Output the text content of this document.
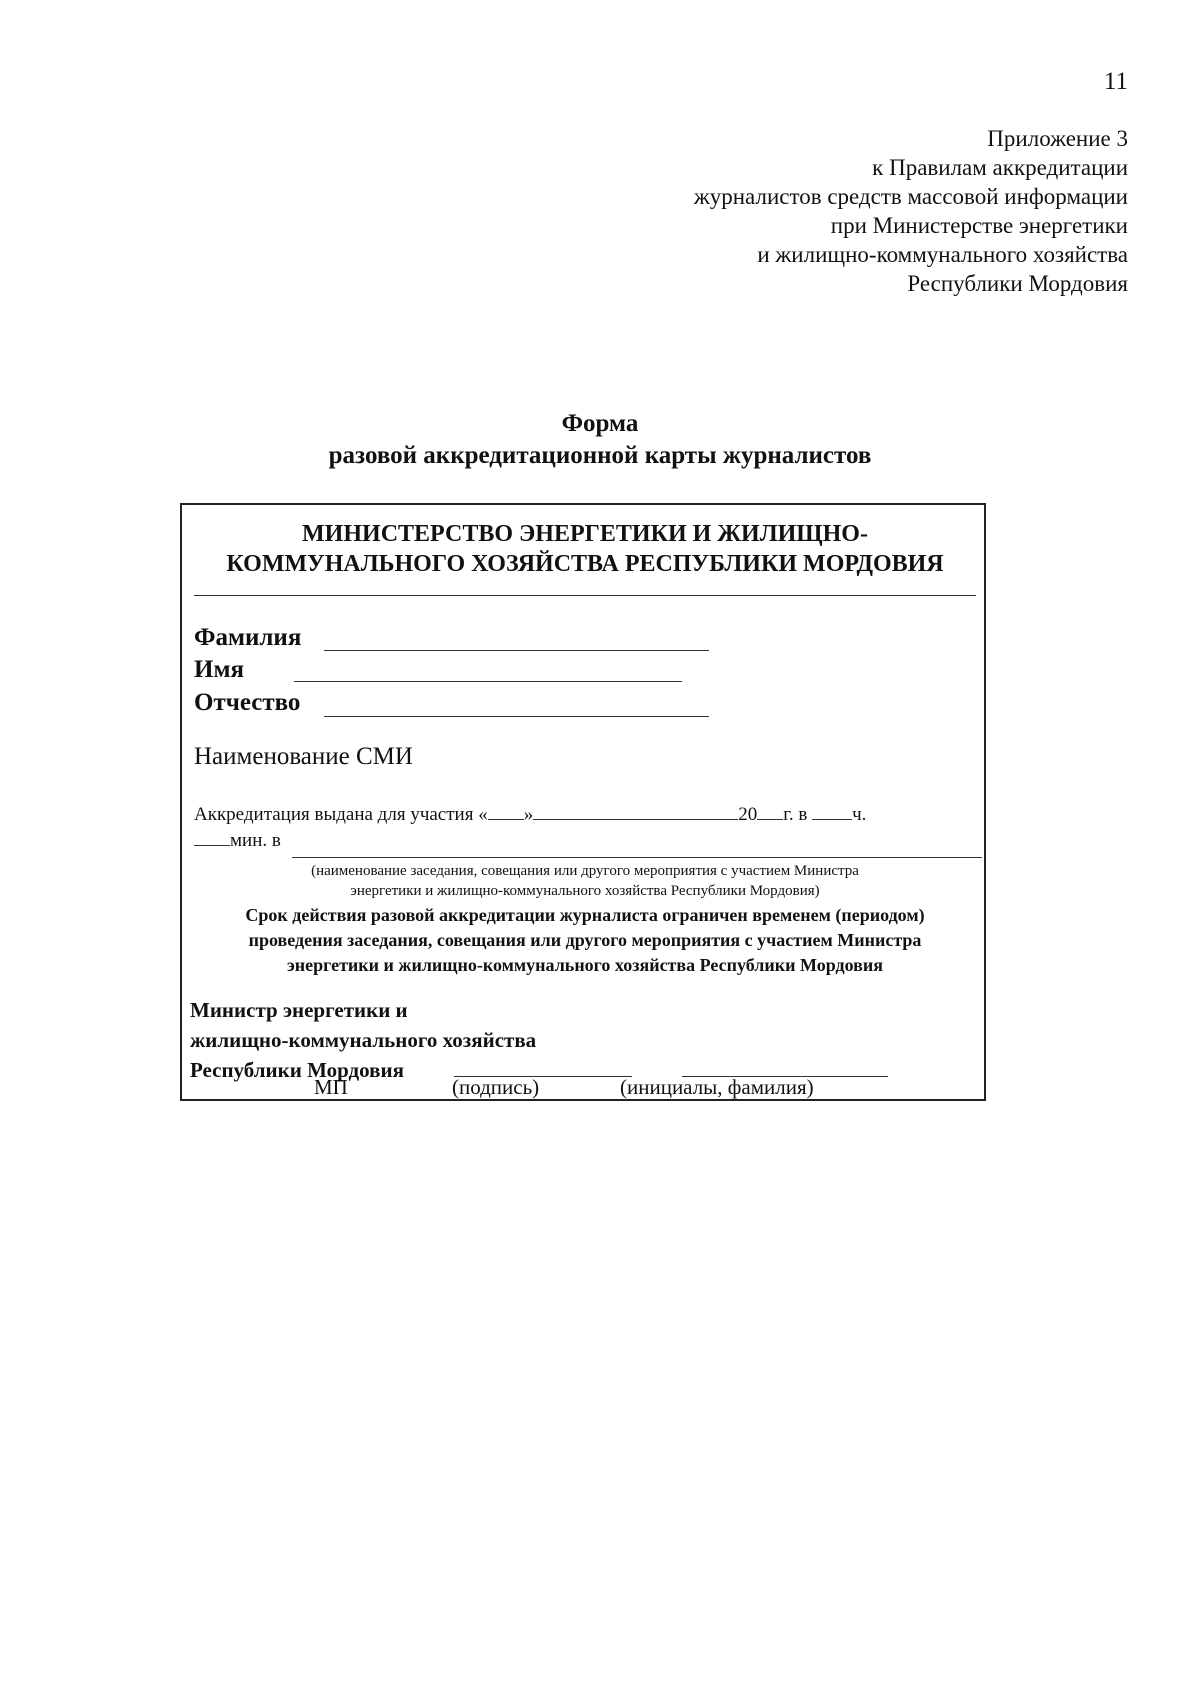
11
Приложение 3
к Правилам аккредитации
журналистов средств массовой информации
при Министерстве энергетики
и жилищно-коммунального хозяйства
Республики Мордовия
Форма
разовой аккредитационной карты журналистов
МИНИСТЕРСТВО ЭНЕРГЕТИКИ И ЖИЛИЩНО-
КОММУНАЛЬНОГО ХОЗЯЙСТВА РЕСПУБЛИКИ МОРДОВИЯ
Фамилия
Имя
Отчество
Наименование СМИ
Аккредитация выдана для участия « »	20 г. в ч.
мин. в
(наименование заседания, совещания или другого мероприятия с участием Министра
энергетики и жилищно-коммунального хозяйства Республики Мордовия)
Срок действия разовой аккредитации журналиста ограничен временем (периодом)
проведения заседания, совещания или другого мероприятия с участием Министра
энергетики и жилищно-коммунального хозяйства Республики Мордовия
Министр энергетики и
жилищно-коммунального хозяйства
Республики Мордовия
МП	(подпись)	(инициалы, фамилия)
